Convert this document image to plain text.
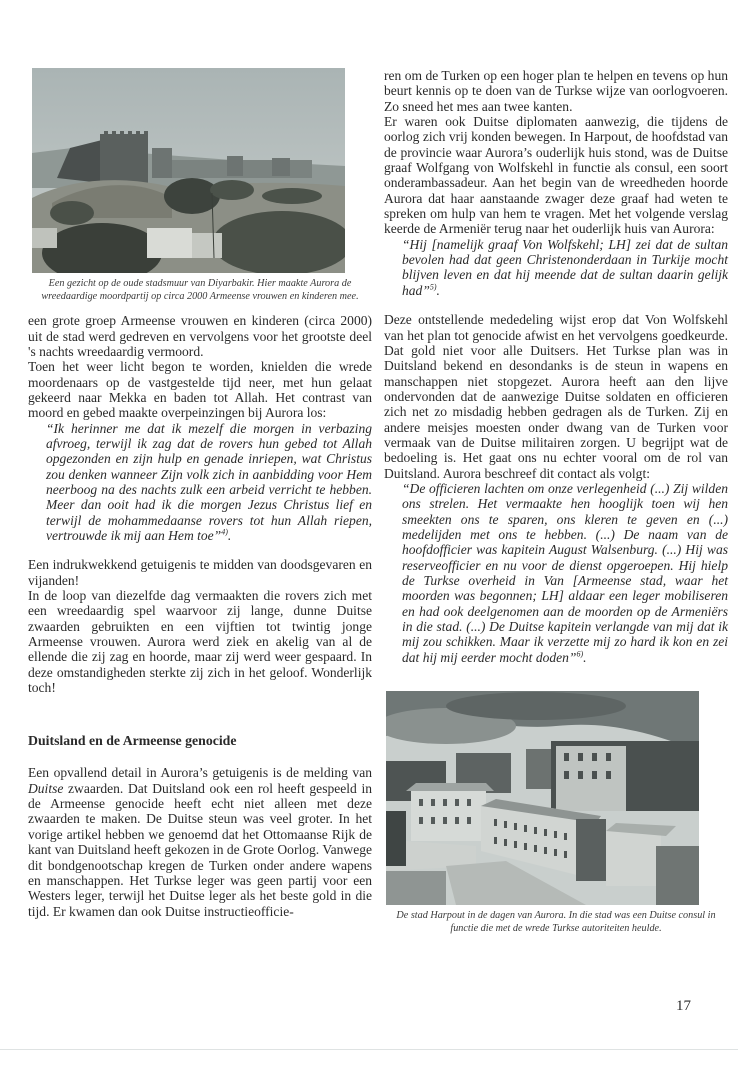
Een gezicht op de oude stadsmuur van Diyarbakir. Hier maakte Aurora de wreedaardige moordpartij op circa 2000 Armeense vrouwen en kinderen mee.

een grote groep Armeense vrouwen en kinderen (circa 2000) uit de stad werd gedreven en vervolgens voor het grootste deel 's nachts wreedaardig vermoord.

Toen het weer licht begon te worden, knielden die wrede moordenaars op de vastgestelde tijd neer, met hun gelaat gekeerd naar Mekka en baden tot Allah. Het contrast van moord en gebed maakte overpeinzingen bij Aurora los:

“Ik herinner me dat ik mezelf die morgen in verbazing afvroeg, terwijl ik zag dat de rovers hun gebed tot Allah opgezonden en zijn hulp en genade inriepen, wat Christus zou denken wanneer Zijn volk zich in aanbidding voor Hem neerboog na des nachts zulk een arbeid verricht te hebben. Meer dan ooit had ik die morgen Jezus Christus lief en terwijl de mohammedaanse rovers tot hun Allah riepen, vertrouwde ik mij aan Hem toe”$^{4)}$.

Een indrukwekkend getuigenis te midden van doodsgevaren en vijanden!

In de loop van diezelfde dag vermaakten die rovers zich met een wreedaardig spel waarvoor zij lange, dunne Duitse zwaarden gebruikten en een vijftien tot twintig jonge Armeense vrouwen. Aurora werd ziek en akelig van al de ellende die zij zag en hoorde, maar zij werd weer gespaard. In deze omstandigheden sterkte zij zich in het geloof. Wonderlijk toch!

Duitsland en de Armeense genocide

Een opvallend detail in Aurora’s getuigenis is de melding van Duitse zwaarden. Dat Duitsland ook een rol heeft gespeeld in de Armeense genocide heeft echt niet alleen met deze zwaarden te maken. De Duitse steun was veel groter. In het vorige artikel hebben we genoemd dat het Ottomaanse Rijk de kant van Duitsland heeft gekozen in de Grote Oorlog. Vanwege dit bondgenootschap kregen de Turken onder andere wapens en manschappen. Het Turkse leger was geen partij voor een Westers leger, terwijl het Duitse leger als het beste gold in die tijd. Er kwamen dan ook Duitse instructieofficie-

ren om de Turken op een hoger plan te helpen en tevens op hun beurt kennis op te doen van de Turkse wijze van oorlogvoeren. Zo sneed het mes aan twee kanten.

Er waren ook Duitse diplomaten aanwezig, die tijdens de oorlog zich vrij konden bewegen. In Harpout, de hoofdstad van de provincie waar Aurora’s ouderlijk huis stond, was de Duitse graaf Wolfgang von Wolfskehl in functie als consul, een soort onderambassadeur. Aan het begin van de wreedheden hoorde Aurora dat haar aanstaande zwager deze graaf had weten te spreken om hulp van hem te vragen. Met het volgende verslag keerde de Armeniër terug naar het ouderlijk huis van Aurora:

“Hij [namelijk graaf Von Wolfskehl; LH] zei dat de sultan bevolen had dat geen Christenonderdaan in Turkije mocht blijven leven en dat hij meende dat de sultan daarin gelijk had”$^{5)}$.

Deze ontstellende mededeling wijst erop dat Von Wolfskehl van het plan tot genocide afwist en het vervolgens goedkeurde. Dat gold niet voor alle Duitsers. Het Turkse plan was in Duitsland bekend en desondanks is de steun in wapens en manschappen niet stopgezet. Aurora heeft aan den lijve ondervonden dat de aanwezige Duitse soldaten en officieren zich net zo misdadig hebben gedragen als de Turken. Zij en andere meisjes moesten onder dwang van de Turken voor vermaak van de Duitse militairen zorgen. U begrijpt wat de bedoeling is. Het gaat ons nu echter vooral om de rol van Duitsland. Aurora beschreef dit contact als volgt:

“De officieren lachten om onze verlegenheid (...) Zij wilden ons strelen. Het vermaakte hen hooglijk toen wij hen smeekten ons te sparen, ons kleren te geven en (...) medelijden met ons te hebben. (...) De naam van de hoofdofficier was kapitein August Walsenburg. (...) Hij was reserveofficier en nu voor de dienst opgeroepen. Hij hielp de Turkse overheid in Van [Armeense stad, waar het moorden was begonnen; LH] aldaar een leger mobiliseren en had ook deelgenomen aan de moorden op de Armeniërs in die stad. (...) De Duitse kapitein verlangde van mij dat ik mij zou schikken. Maar ik verzette mij zo hard ik kon en zei dat hij mij eerder mocht doden”$^{6)}$.

De stad Harpout in de dagen van Aurora. In die stad was een Duitse consul in functie die met de wrede Turkse autoriteiten heulde.

17
